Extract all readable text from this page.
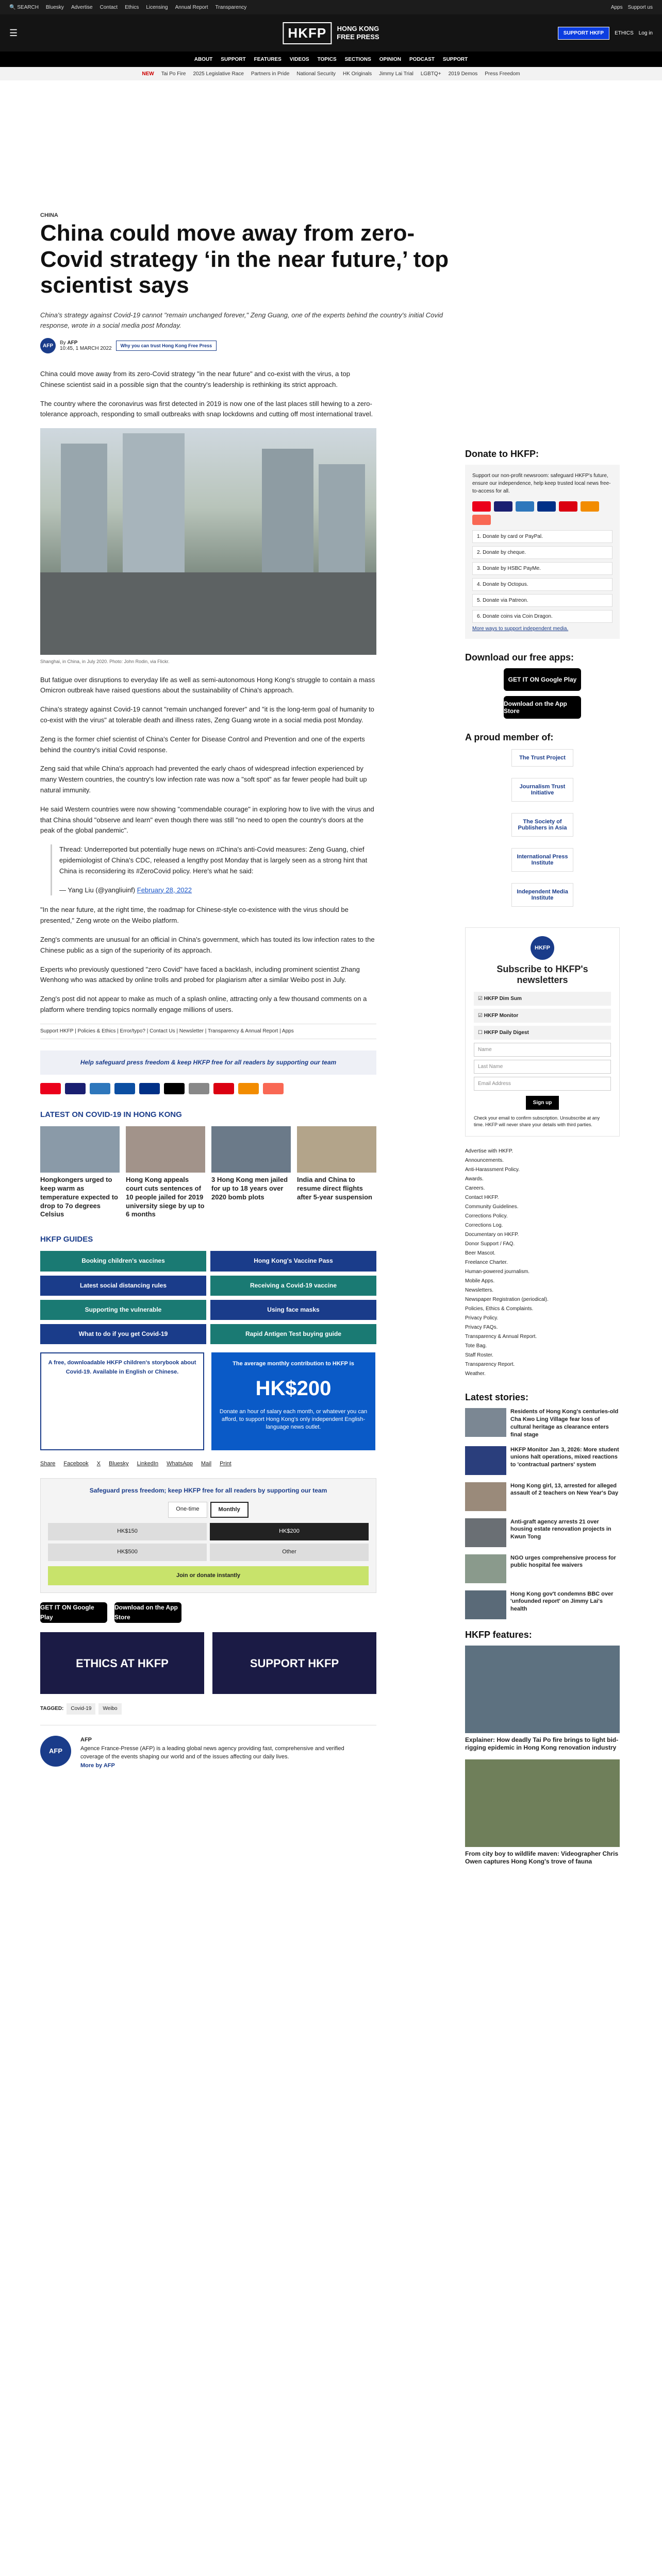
🔍 SEARCH Bluesky Advertise Contact Ethics Licensing Annual Report Transparency	Apps Support us
☰	HKFP	HONG KONG
FREE PRESS	SUPPORT HKFP	ETHICS Log in
ABOUT SUPPORT FEATURES VIDEOS TOPICS SECTIONS OPINION PODCAST SUPPORT
NEW Tai Po Fire 2025 Legislative Race Partners in Pride National Security HK Originals Jimmy Lai Trial LGBTQ+ 2019 Demos Press Freedom
CHINA
China could move away from zero-Covid strategy ‘in the near future,’ top scientist says
China's strategy against Covid-19 cannot "remain unchanged forever," Zeng Guang, one of the experts behind the country's initial Covid response, wrote in a social media post Monday.
AFP	By AFP
10:45, 1 MARCH 2022	Why you can trust Hong Kong Free Press

China could move away from its zero-Covid strategy "in the near future" and co-exist with the virus, a top Chinese scientist said in a possible sign that the country's leadership is rethinking its strict approach.

The country where the coronavirus was first detected in 2019 is now one of the last places still hewing to a zero-tolerance approach, responding to small outbreaks with snap lockdowns and cutting off most international travel.

Shanghai, in China, in July 2020. Photo: John Rodin, via Flickr.

But fatigue over disruptions to everyday life as well as semi-autonomous Hong Kong's struggle to contain a mass Omicron outbreak have raised questions about the sustainability of China's approach.

China's strategy against Covid-19 cannot "remain unchanged forever" and "it is the long-term goal of humanity to co-exist with the virus" at tolerable death and illness rates, Zeng Guang wrote in a social media post Monday.

Zeng is the former chief scientist of China's Center for Disease Control and Prevention and one of the experts behind the country's initial Covid response.

Zeng said that while China's approach had prevented the early chaos of widespread infection experienced by many Western countries, the country's low infection rate was now a "soft spot" as far fewer people had built up natural immunity.

He said Western countries were now showing "commendable courage" in exploring how to live with the virus and that China should "observe and learn" even though there was still "no need to open the country's doors at the peak of the global pandemic".

Thread: Underreported but potentially huge news on #China's anti-Covid measures: Zeng Guang, chief epidemiologist of China's CDC, released a lengthy post Monday that is largely seen as a strong hint that China is reconsidering its #ZeroCovid policy. Here's what he said:

— Yang Liu (@yangliuinf) February 28, 2022

"In the near future, at the right time, the roadmap for Chinese-style co-existence with the virus should be presented," Zeng wrote on the Weibo platform.

Zeng's comments are unusual for an official in China's government, which has touted its low infection rates to the Chinese public as a sign of the superiority of its approach.

Experts who previously questioned "zero Covid" have faced a backlash, including prominent scientist Zhang Wenhong who was attacked by online trolls and probed for plagiarism after a similar Weibo post in July.

Zeng's post did not appear to make as much of a splash online, attracting only a few thousand comments on a platform where trending topics normally engage millions of users.

Support HKFP | Policies & Ethics | Error/typo? | Contact Us | Newsletter | Transparency & Annual Report | Apps
Help safeguard press freedom & keep HKFP free for all readers by supporting our team
LATEST ON COVID-19 IN HONG KONG
Hongkongers urged to keep warm as temperature expected to drop to 7o degrees Celsius
Hong Kong appeals court cuts sentences of 10 people jailed for 2019 university siege by up to 6 months
3 Hong Kong men jailed for up to 18 years over 2020 bomb plots
India and China to resume direct flights after 5-year suspension
HKFP GUIDES
Booking children's vaccines	Hong Kong's Vaccine Pass
Latest social distancing rules	Receiving a Covid-19 vaccine
Supporting the vulnerable	Using face masks
What to do if you get Covid-19	Rapid Antigen Test buying guide
A free, downloadable HKFP children's storybook about Covid-19. Available in English or Chinese.
The average monthly contribution to HKFP is
HK$200
Donate an hour of salary each month, or whatever you can afford, to support Hong Kong's only independent English-language news outlet.
Share Facebook X Bluesky LinkedIn WhatsApp Mail Print
Safeguard press freedom; keep HKFP free for all readers by supporting our team
One-time	Monthly
HK$150	HK$200
HK$500	Other
Join or donate instantly
GET IT ON Google Play
Download on the App Store
ETHICS AT HKFP	SUPPORT HKFP
TAGGED:	Covid-19	Weibo
AFP
AFP
Agence France-Presse (AFP) is a leading global news agency providing fast, comprehensive and verified coverage of the events shaping our world and of the issues affecting our daily lives.
More by AFP
Donate to HKFP:
Support our non-profit newsroom: safeguard HKFP's future, ensure our independence, help keep trusted local news free-to-access for all.
1. Donate by card or PayPal.
2. Donate by cheque.
3. Donate by HSBC PayMe.
4. Donate by Octopus.
5. Donate via Patreon.
6. Donate coins via Coin Dragon.
More ways to support independent media.
Download our free apps:
GET IT ON Google Play
Download on the App Store
A proud member of:
The Trust Project
Journalism Trust Initiative
The Society of Publishers in Asia
International Press Institute
Independent Media Institute
HKFP
Subscribe to HKFP's newsletters
☑ HKFP Dim Sum
☑ HKFP Monitor
☐ HKFP Daily Digest
Name
Last Name
Email Address
Sign up
Check your email to confirm subscription. Unsubscribe at any time. HKFP will never share your details with third parties.
Advertise with HKFP.
Announcements.
Anti-Harassment Policy.
Awards.
Careers.
Contact HKFP.
Community Guidelines.
Corrections Policy.
Corrections Log.
Documentary on HKFP.
Donor Support / FAQ.
Beer Mascot.
Freelance Charter.
Human-powered journalism.
Mobile Apps.
Newsletters.
Newspaper Registration (periodical).
Policies, Ethics & Complaints.
Privacy Policy.
Privacy FAQs.
Transparency & Annual Report.
Tote Bag.
Staff Roster.
Transparency Report.
Weather.
Latest stories:
Residents of Hong Kong's centuries-old Cha Kwo Ling Village fear loss of cultural heritage as clearance enters final stage
HKFP Monitor Jan 3, 2026: More student unions halt operations, mixed reactions to 'contractual partners' system
Hong Kong girl, 13, arrested for alleged assault of 2 teachers on New Year's Day
Anti-graft agency arrests 21 over housing estate renovation projects in Kwun Tong
NGO urges comprehensive process for public hospital fee waivers
Hong Kong gov't condemns BBC over 'unfounded report' on Jimmy Lai's health
HKFP features:
Explainer: How deadly Tai Po fire brings to light bid-rigging epidemic in Hong Kong renovation industry
From city boy to wildlife maven: Videographer Chris Owen captures Hong Kong's trove of fauna
